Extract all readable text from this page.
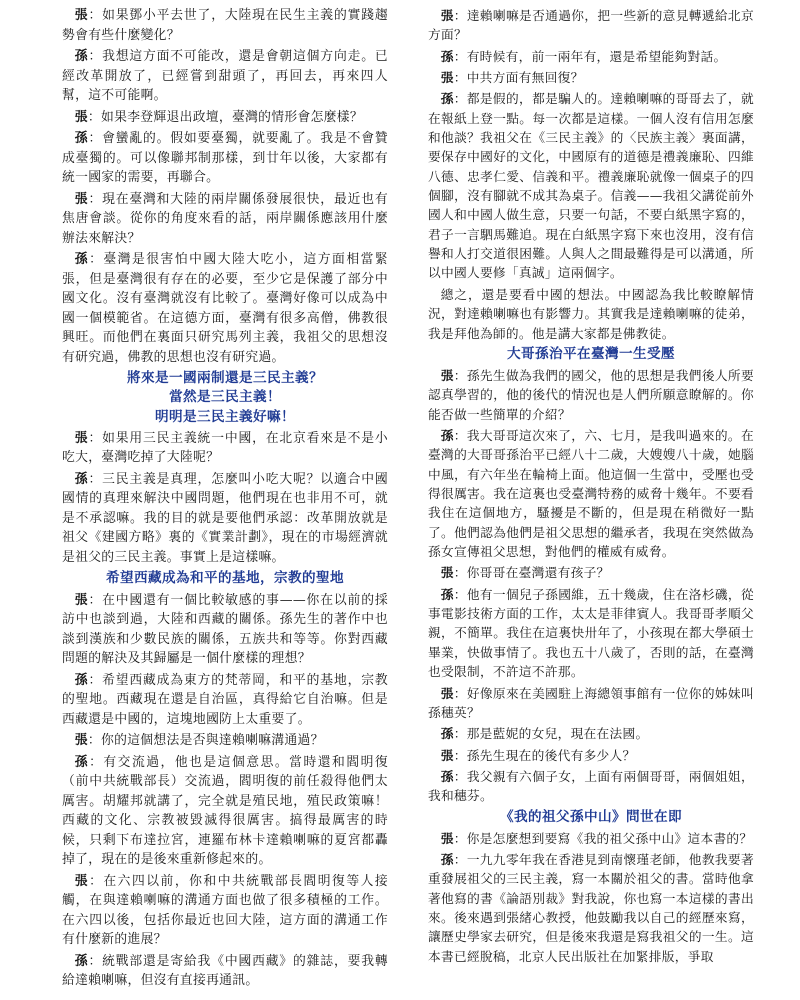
張：如果鄧小平去世了，大陸現在民生主義的實踐趨勢會有些什麼變化？

孫：我想這方面不可能改，還是會朝這個方向走。已經改革開放了，已經嘗到甜頭了，再回去，再來四人幫，這不可能啊。

張：如果李登輝退出政壇，臺灣的情形會怎麼樣？

孫：會蠻亂的。假如要臺獨，就要亂了。我是不會贊成臺獨的。可以像聯邦制那樣，到廿年以後，大家都有統一國家的需要，再聯合。

張：現在臺灣和大陸的兩岸關係發展很快，最近也有焦唐會談。從你的角度來看的話，兩岸關係應該用什麼辦法來解決？

孫：臺灣是很害怕中國大陸大吃小，這方面相當緊張，但是臺灣很有存在的必要，至少它是保護了部分中國文化。沒有臺灣就沒有比較了。臺灣好像可以成為中國一個模範省。在這德方面，臺灣有很多高僧，佛教很興旺。而他們在裏面只研究馬列主義，我祖父的思想沒有研究過，佛教的思想也沒有研究過。

將來是一國兩制還是三民主義？
當然是三民主義！
明明是三民主義好嘛！

張：如果用三民主義統一中國，在北京看來是不是小吃大，臺灣吃掉了大陸呢？

孫：三民主義是真理，怎麼叫小吃大呢？以適合中國國情的真理來解決中國問題，他們現在也非用不可，就是不承認嘛。我的目的就是要他們承認：改革開放就是祖父《建國方略》裏的《實業計劃》，現在的市場經濟就是祖父的三民主義。事實上是這樣嘛。

希望西藏成為和平的基地，宗教的聖地

張：在中國還有一個比較敏感的事——你在以前的採訪中也談到過，大陸和西藏的關係。孫先生的著作中也談到漢族和少數民族的關係，五族共和等等。你對西藏問題的解決及其歸屬是一個什麼樣的理想？

孫：希望西藏成為東方的梵蒂岡，和平的基地，宗教的聖地。西藏現在還是自治區，真得給它自治嘛。但是西藏還是中國的，這塊地國防上太重要了。

張：你的這個想法是否與達賴喇嘛溝通過？

孫：有交流過，他也是這個意思。當時還和閻明復（前中共統戰部長）交流過，閻明復的前任殺得他們太厲害。胡耀邦就講了，完全就是殖民地，殖民政策嘛！西藏的文化、宗教被毀滅得很厲害。搞得最厲害的時候，只剩下布達拉宮，連羅布林卡達賴喇嘛的夏宮都轟掉了，現在的是後來重新修起來的。

張：在六四以前，你和中共統戰部長閻明復等人接觸，在與達賴喇嘛的溝通方面也做了很多積極的工作。在六四以後，包括你最近也回大陸，這方面的溝通工作有什麼新的進展？

孫：統戰部還是寄給我《中國西藏》的雜誌，要我轉給達賴喇嘛，但沒有直接再通訊。

張：達賴喇嘛是否通過你，把一些新的意見轉遞給北京方面？

孫：有時候有，前一兩年有，還是希望能夠對話。

張：中共方面有無回復？

孫：都是假的，都是騙人的。達賴喇嘛的哥哥去了，就在報紙上登一點。每一次都是這樣。一個人沒有信用怎麼和他談？我祖父在《三民主義》的〈民族主義〉裏面講，要保存中國好的文化，中國原有的道德是禮義廉恥、四維八德、忠孝仁愛、信義和平。禮義廉恥就像一個桌子的四個腳，沒有腳就不成其為桌子。信義——我祖父講從前外國人和中國人做生意，只要一句話，不要白紙黑字寫的，君子一言駟馬難追。現在白紙黑字寫下來也沒用，沒有信譽和人打交道很困難。人與人之間最難得是可以溝通，所以中國人要修「真誠」這兩個字。

總之，還是要看中國的想法。中國認為我比較瞭解情況，對達賴喇嘛也有影響力。其實我是達賴喇嘛的徒弟，我是拜他為師的。他是講大家都是佛教徒。

大哥孫治平在臺灣一生受壓

張：孫先生做為我們的國父，他的思想是我們後人所要認真學習的，他的後代的情況也是人們所願意瞭解的。你能否做一些簡單的介紹？

孫：我大哥哥這次來了，六、七月，是我叫過來的。在臺灣的大哥哥孫治平已經八十二歲，大嫂嫂八十歲，她腦中風，有六年坐在輪椅上面。他這個一生當中，受壓也受得很厲害。我在這裏也受臺灣特務的威脅十幾年。不要看我住在這個地方，騷擾是不斷的，但是現在稍微好一點了。他們認為他們是祖父思想的繼承者，我現在突然做為孫女宣傳祖父思想，對他們的權威有威脅。

張：你哥哥在臺灣還有孩子？

孫：他有一個兒子孫國維，五十幾歲，住在洛杉磯，從事電影技術方面的工作，太太是菲律賓人。我哥哥孝順父親，不簡單。我住在這裏快卅年了，小孩現在都大學碩士畢業，快做事情了。我也五十八歲了，否則的話，在臺灣也受限制，不許這不許那。

張：好像原來在美國駐上海總領事館有一位你的姊妹叫孫穗英？

孫：那是藍妮的女兒，現在在法國。

張：孫先生現在的後代有多少人？

孫：我父親有六個子女，上面有兩個哥哥，兩個姐姐，我和穗芬。

《我的祖父孫中山》問世在即

張：你是怎麼想到要寫《我的祖父孫中山》這本書的？

孫：一九九零年我在香港見到南懷瑾老師，他教我要著重發展祖父的三民主義，寫一本關於祖父的書。當時他拿著他寫的書《論語別裁》對我說，你也寫一本這樣的書出來。後來遇到張緒心教授，他鼓勵我以自己的經歷來寫，讓歷史學家去研究，但是後來我還是寫我祖父的一生。這本書已經脫稿，北京人民出版社在加緊排版，爭取
